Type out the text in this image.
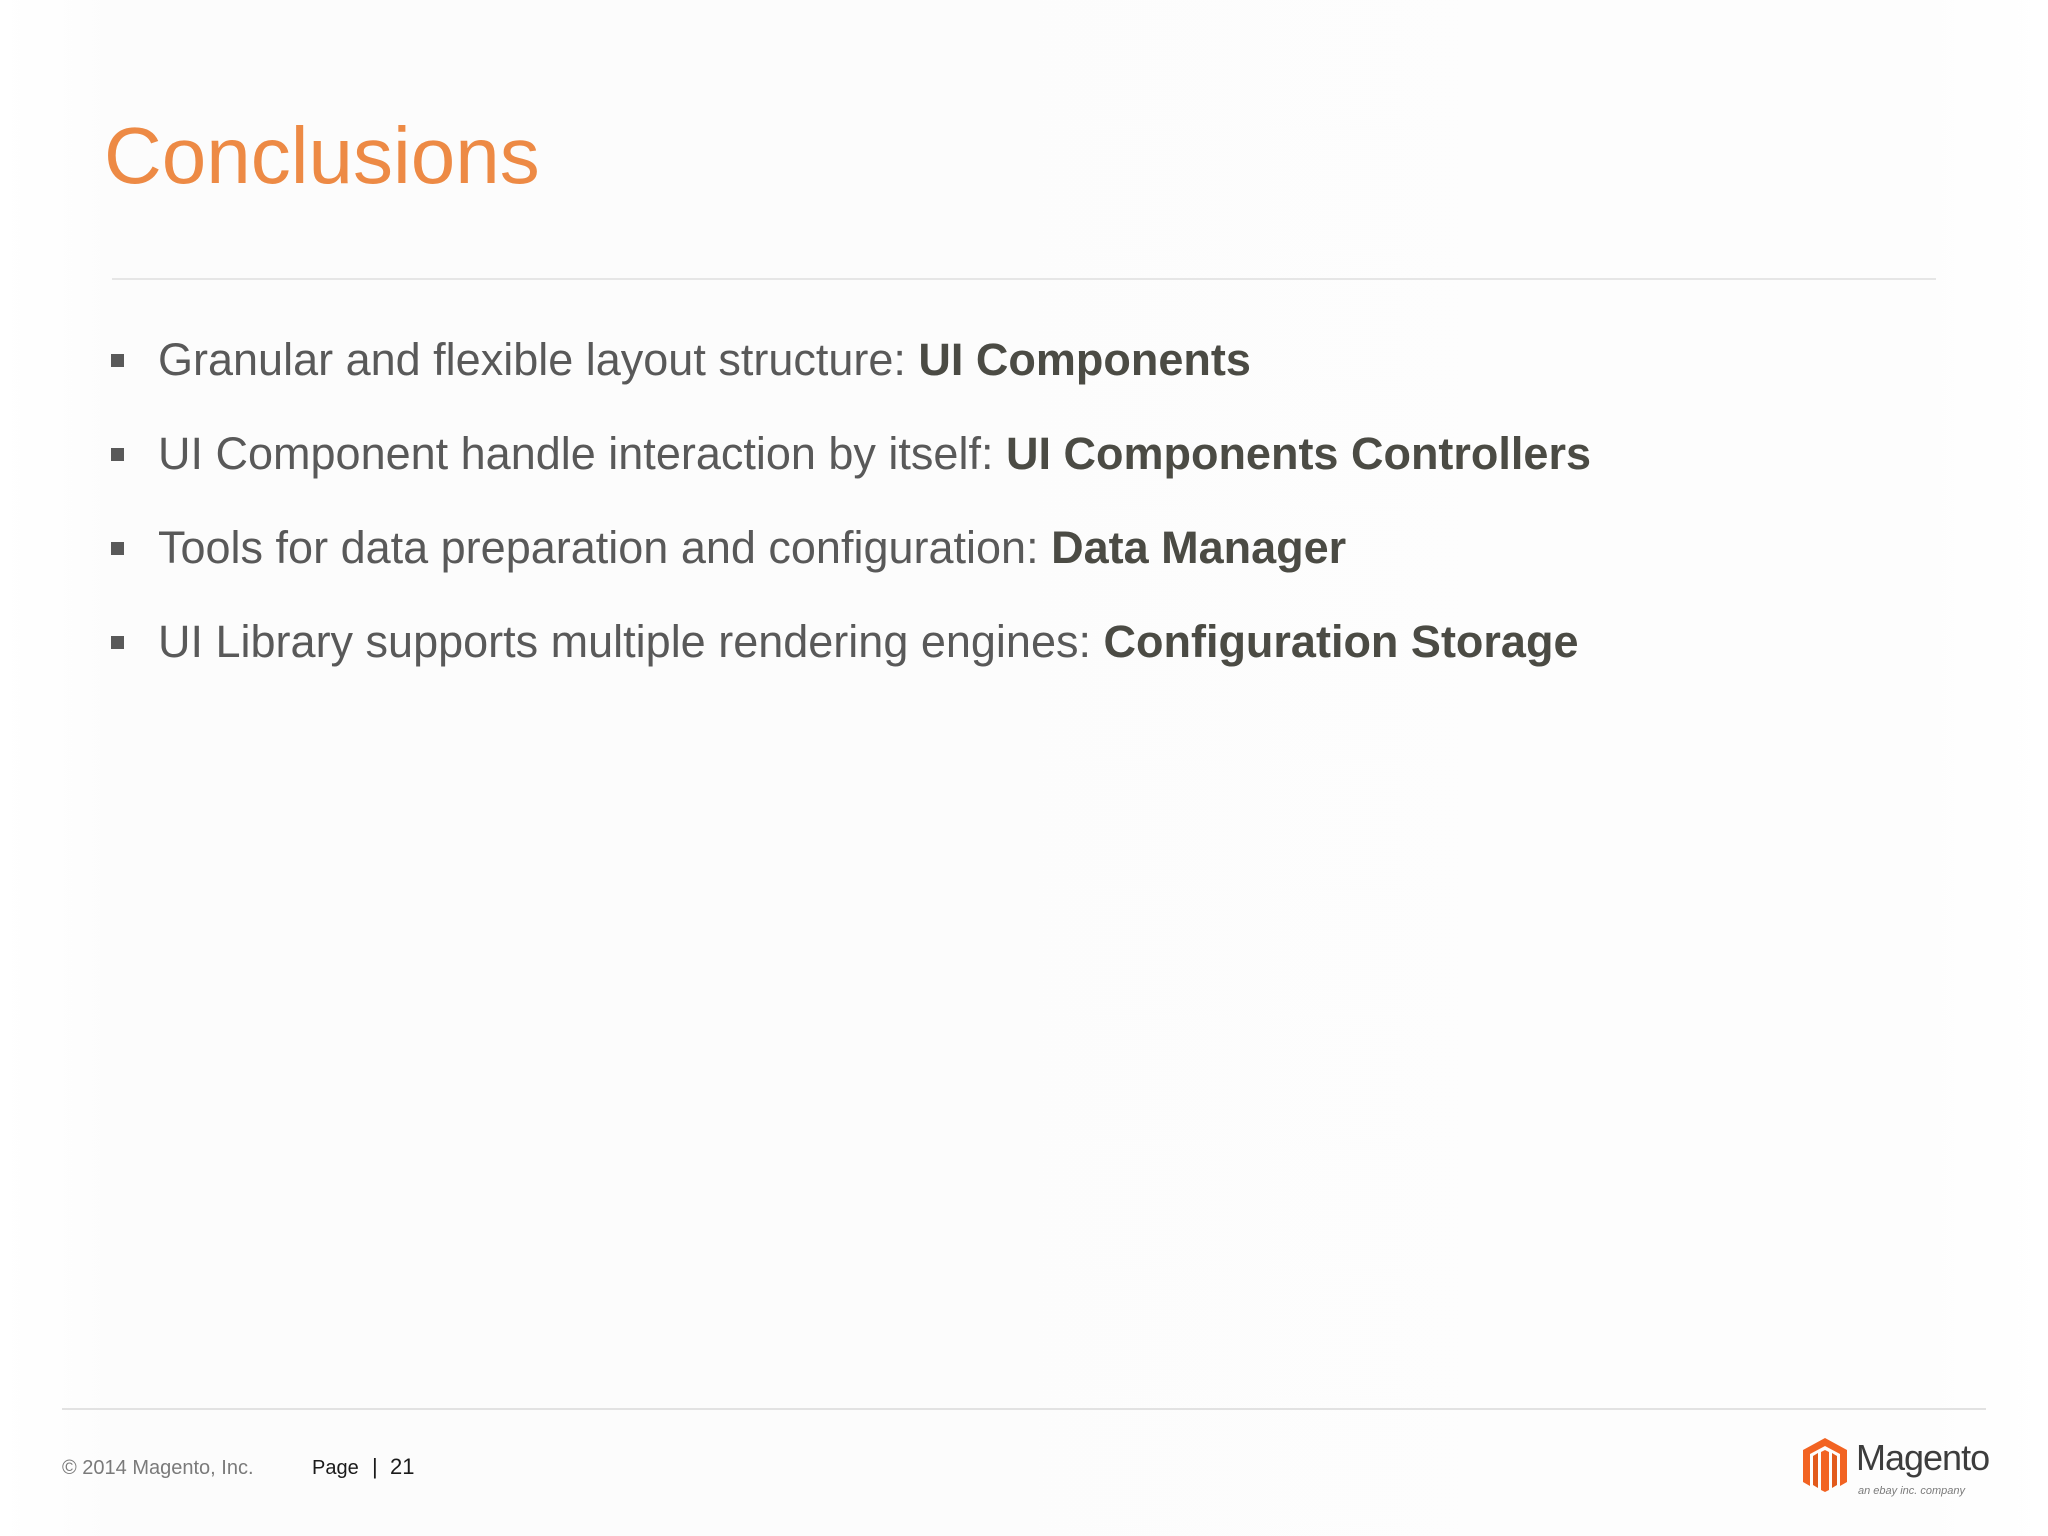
Conclusions
Granular and flexible layout structure: UI Components
UI Component handle interaction by itself: UI Components Controllers
Tools for data preparation and configuration: Data Manager
UI Library supports multiple rendering engines: Configuration Storage
© 2014 Magento, Inc.	Page | 21	Magento
an ebay inc. company
